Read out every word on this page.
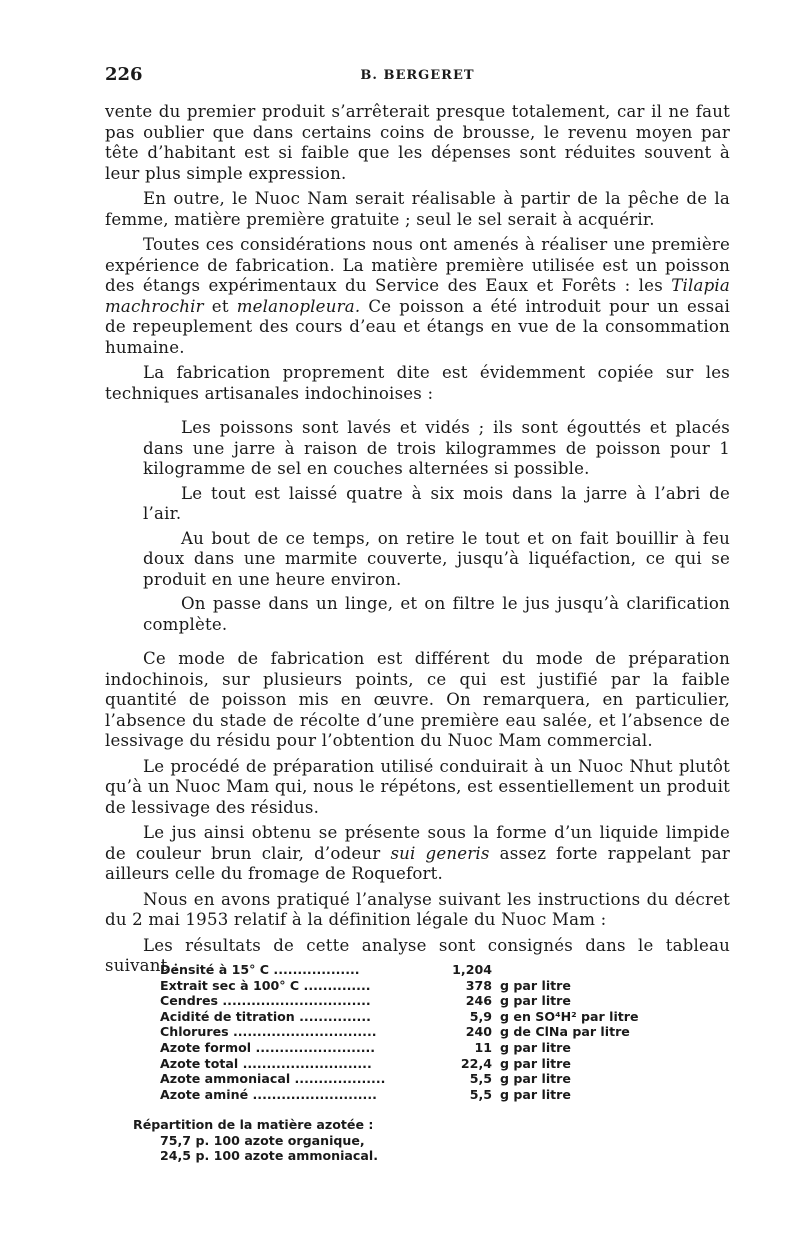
226	B. BERGERET

vente du premier produit s’arrêterait presque totalement, car il ne faut pas oublier que dans certains coins de brousse, le revenu moyen par tête d’habitant est si faible que les dépenses sont réduites souvent à leur plus simple expression.

En outre, le Nuoc Nam serait réalisable à partir de la pêche de la femme, matière première gratuite ; seul le sel serait à acquérir.

Toutes ces considérations nous ont amenés à réaliser une première expérience de fabrication. La matière première utilisée est un poisson des étangs expérimentaux du Service des Eaux et Forêts : les Tilapia machrochir et melanopleura. Ce poisson a été introduit pour un essai de repeuplement des cours d’eau et étangs en vue de la consommation humaine.

La fabrication proprement dite est évidemment copiée sur les techniques artisanales indochinoises :

Les poissons sont lavés et vidés ; ils sont égouttés et placés dans une jarre à raison de trois kilogrammes de poisson pour 1 kilogramme de sel en couches alternées si possible.

Le tout est laissé quatre à six mois dans la jarre à l’abri de l’air.

Au bout de ce temps, on retire le tout et on fait bouillir à feu doux dans une marmite couverte, jusqu’à liquéfaction, ce qui se produit en une heure environ.

On passe dans un linge, et on filtre le jus jusqu’à clarification complète.

Ce mode de fabrication est différent du mode de préparation indochinois, sur plusieurs points, ce qui est justifié par la faible quantité de poisson mis en œuvre. On remarquera, en particulier, l’absence du stade de récolte d’une première eau salée, et l’absence de lessivage du résidu pour l’obtention du Nuoc Mam commercial.

Le procédé de préparation utilisé conduirait à un Nuoc Nhut plutôt qu’à un Nuoc Mam qui, nous le répétons, est essentiellement un produit de lessivage des résidus.

Le jus ainsi obtenu se présente sous la forme d’un liquide limpide de couleur brun clair, d’odeur sui generis assez forte rappelant par ailleurs celle du fromage de Roquefort.

Nous en avons pratiqué l’analyse suivant les instructions du décret du 2 mai 1953 relatif à la définition légale du Nuoc Mam :

Les résultats de cette analyse sont consignés dans le tableau suivant :

Densité à 15° C ..................	1,204
Extrait sec à 100° C ..............	378 g par litre
Cendres ...............................	246 g par litre
Acidité de titration ...............	5,9 g en SO⁴H² par litre
Chlorures ..............................	240 g de ClNa par litre
Azote formol .........................	11 g par litre
Azote total ...........................	22,4 g par litre
Azote ammoniacal ...................	5,5 g par litre
Azote aminé ..........................	5,5 g par litre
Répartition de la matière azotée :
75,7 p. 100 azote organique,
24,5 p. 100 azote ammoniacal.
